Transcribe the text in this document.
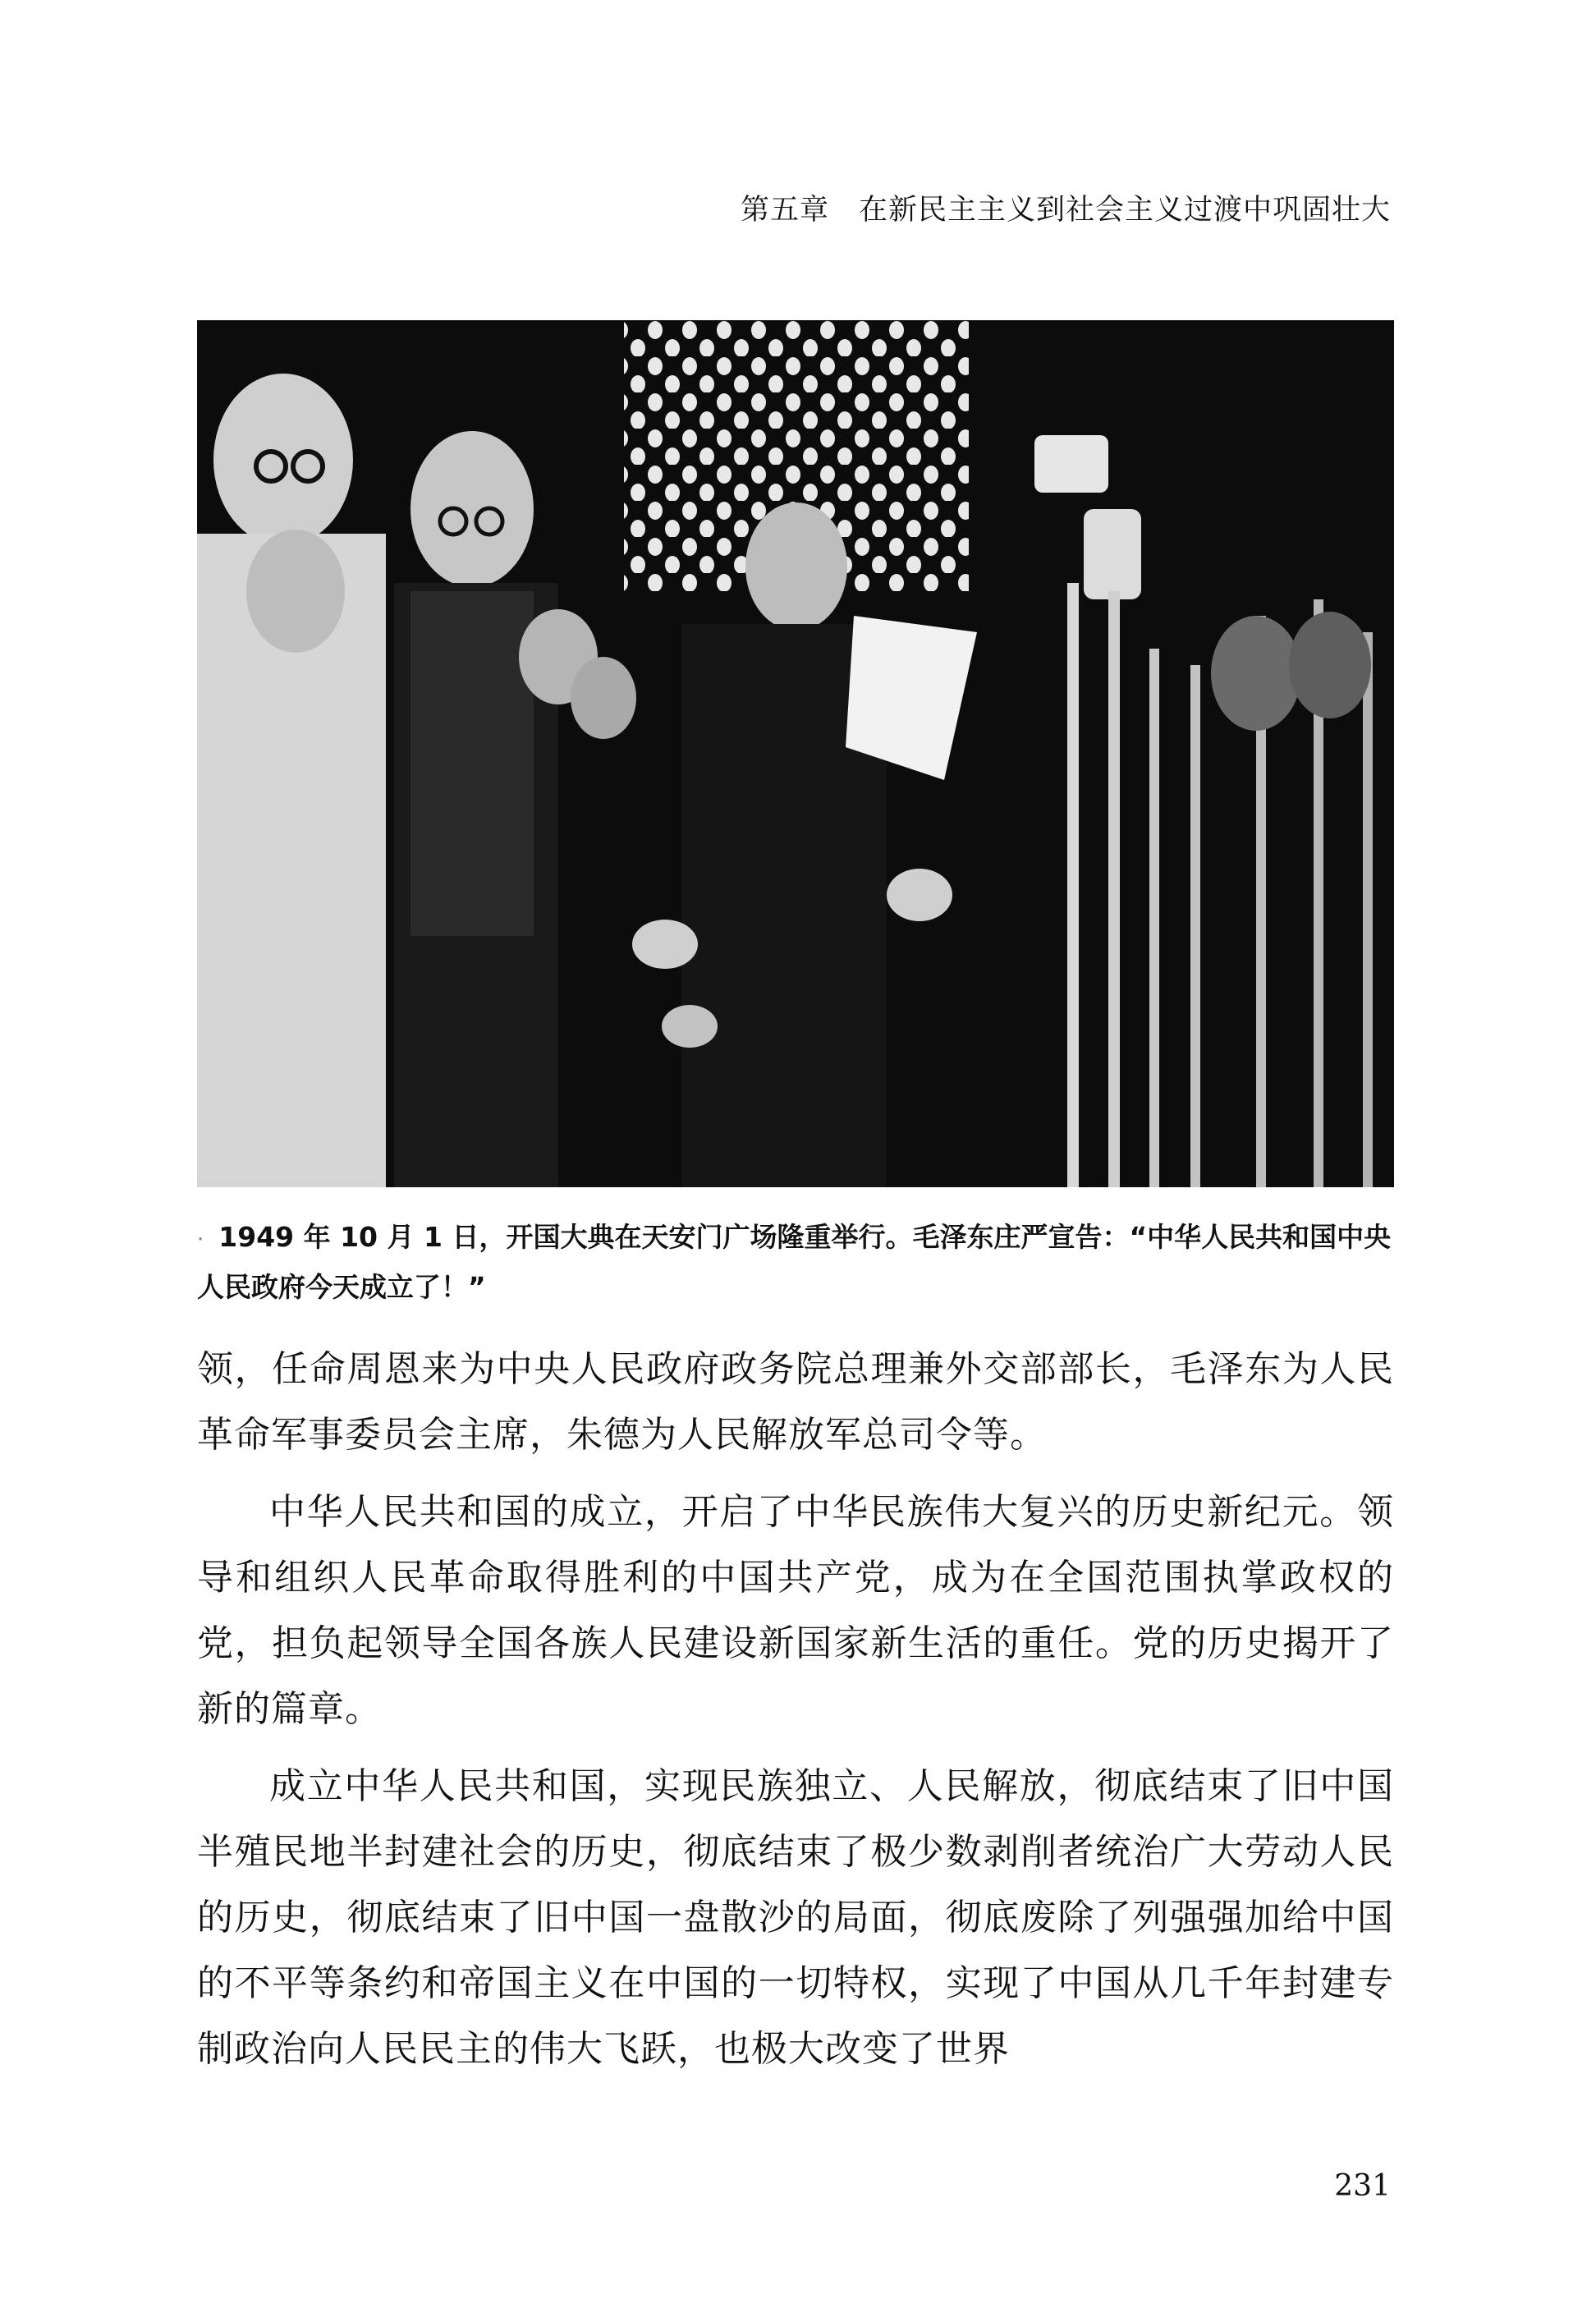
第五章　在新民主主义到社会主义过渡中巩固壮大
· 1949 年 10 月 1 日，开国大典在天安门广场隆重举行。毛泽东庄严宣告：“中华人民共和国中央人民政府今天成立了！”

领，任命周恩来为中央人民政府政务院总理兼外交部部长，毛泽东为人民革命军事委员会主席，朱德为人民解放军总司令等。

中华人民共和国的成立，开启了中华民族伟大复兴的历史新纪元。领导和组织人民革命取得胜利的中国共产党，成为在全国范围执掌政权的党，担负起领导全国各族人民建设新国家新生活的重任。党的历史揭开了新的篇章。

成立中华人民共和国，实现民族独立、人民解放，彻底结束了旧中国半殖民地半封建社会的历史，彻底结束了极少数剥削者统治广大劳动人民的历史，彻底结束了旧中国一盘散沙的局面，彻底废除了列强强加给中国的不平等条约和帝国主义在中国的一切特权，实现了中国从几千年封建专制政治向人民民主的伟大飞跃，也极大改变了世界

231
